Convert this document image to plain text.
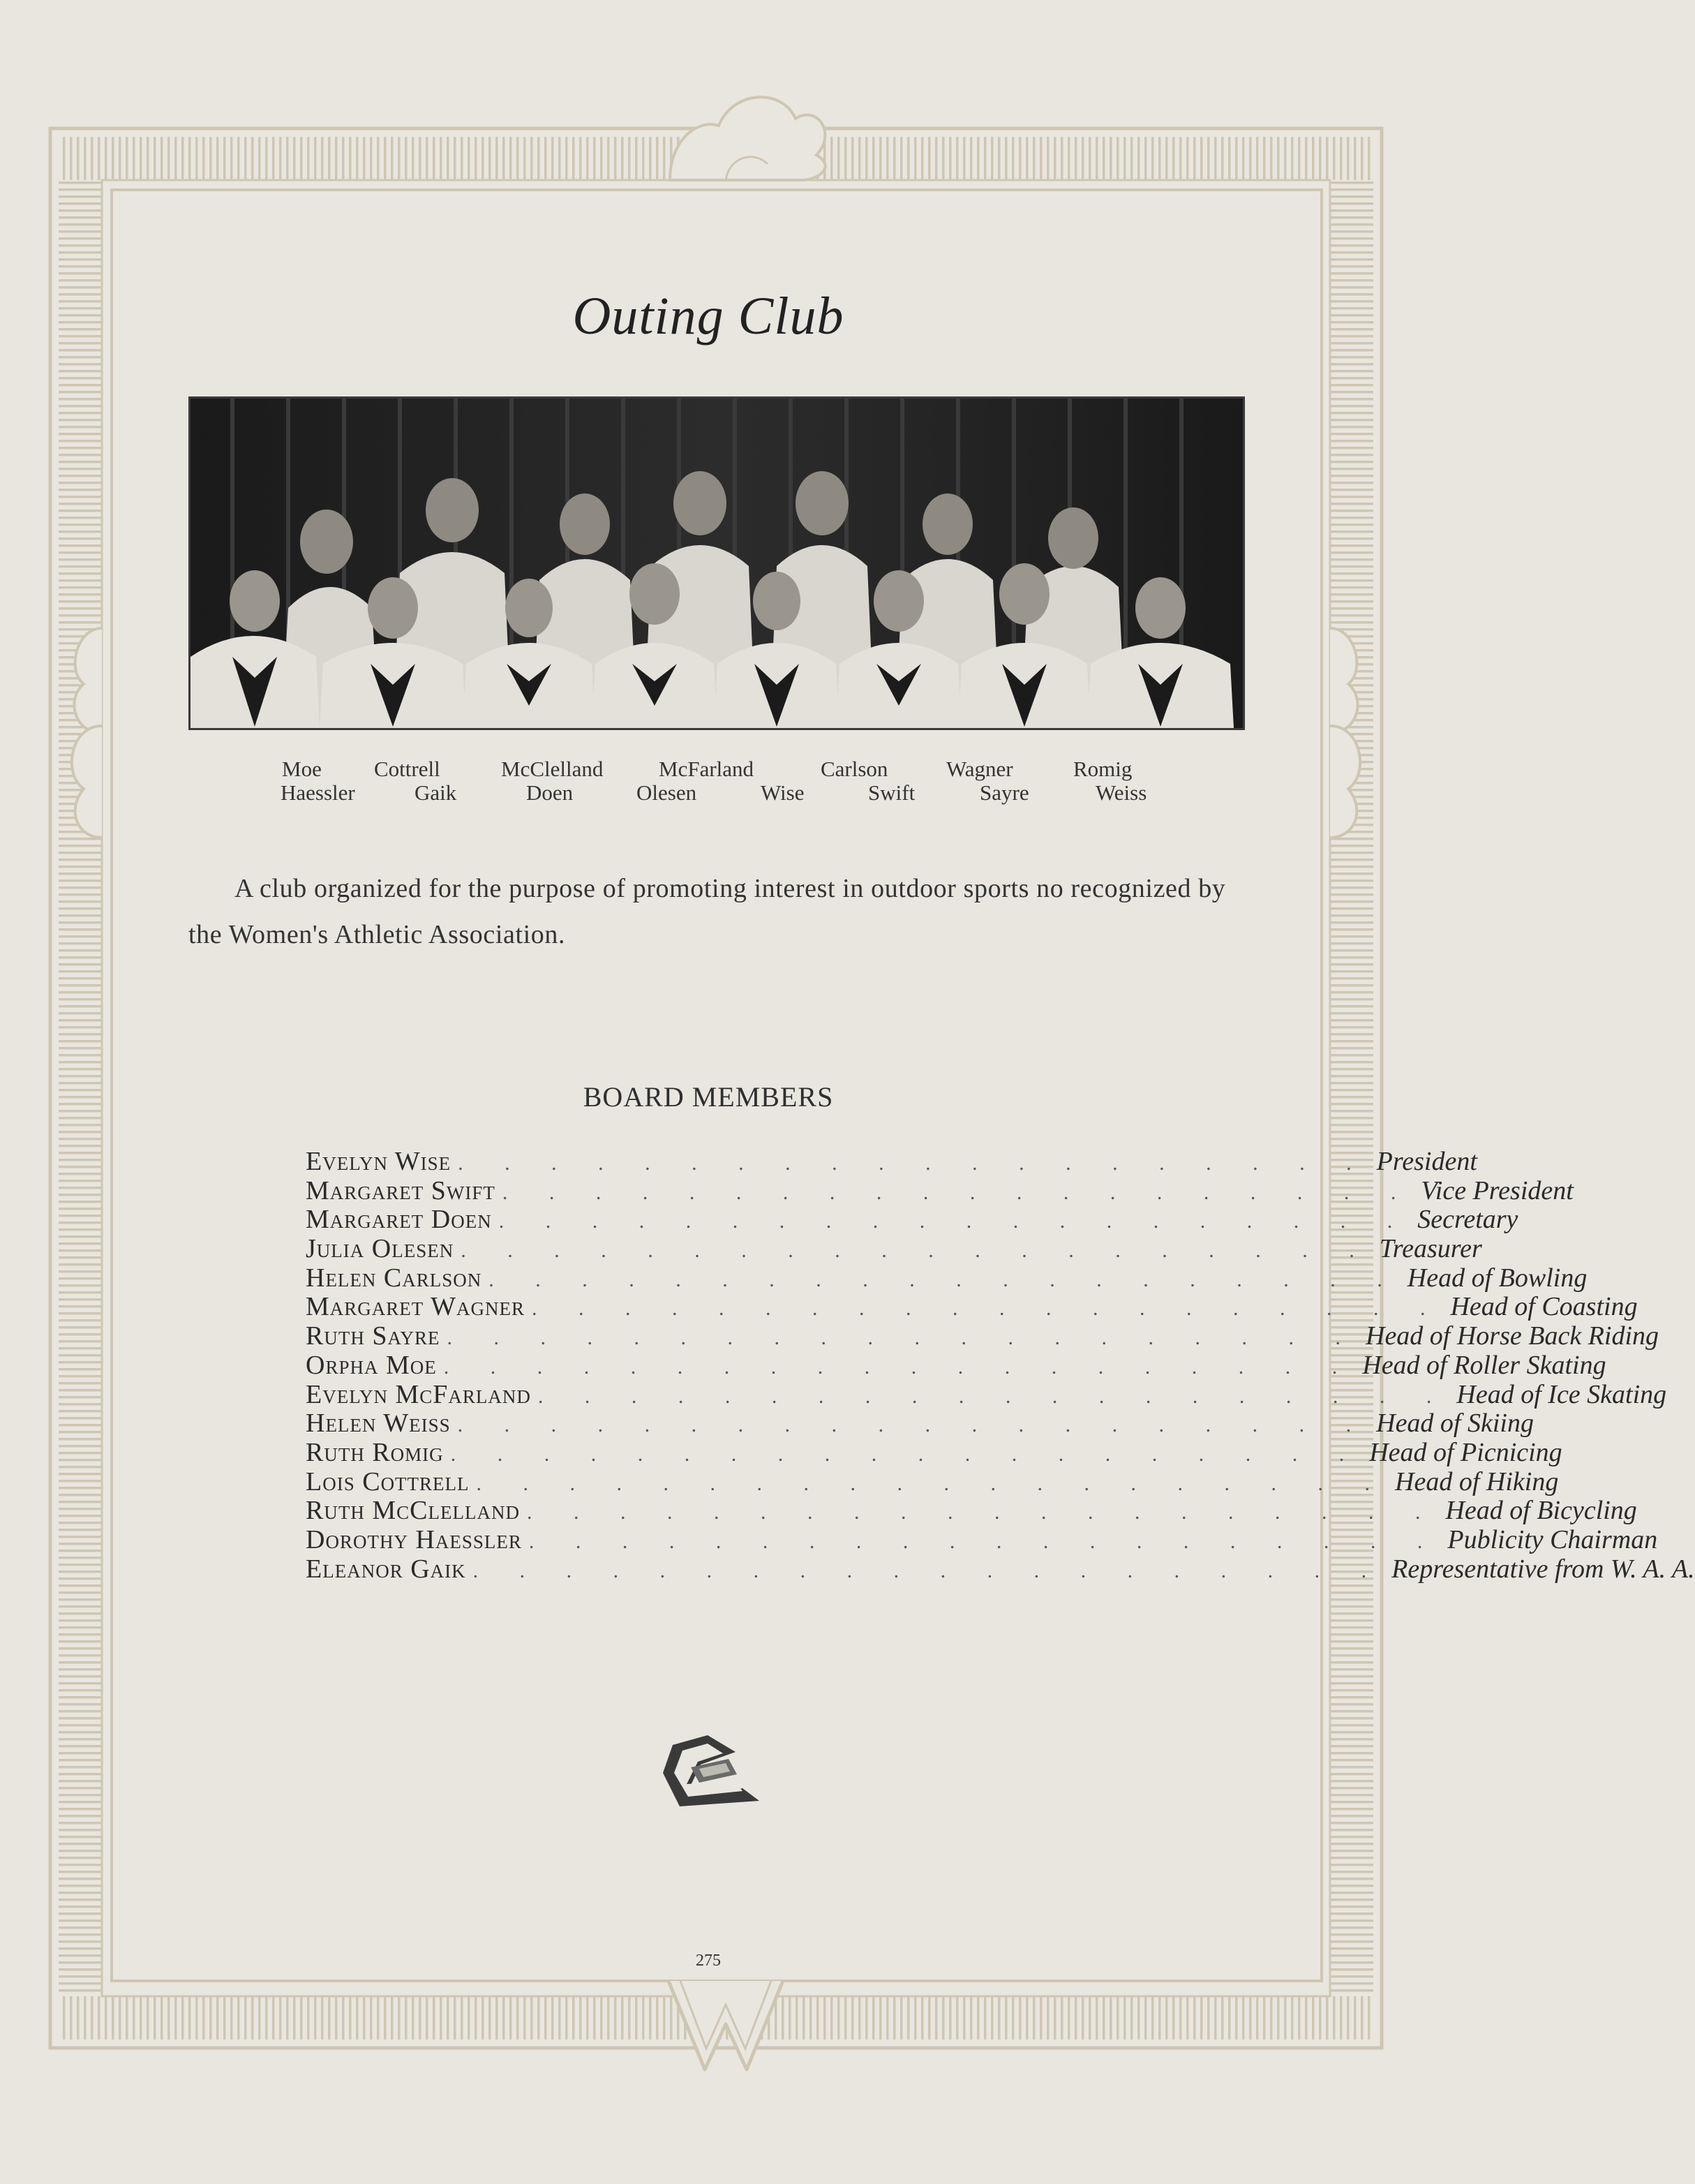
Outing Club
Moe Cottrell	McClelland	McFarland	Carlson	Wagner	Romig
Haessler	Gaik	Doen	Olesen	Wise	Swift	Sayre	Weiss
A club organized for the purpose of promoting interest in outdoor sports no recognized by the Women's Athletic Association.
BOARD MEMBERS
Evelyn Wise . . . . . . . . . . . . . . . . . . . . President
Margaret Swift . . . . . . . . . . . . . . . . . . . . Vice President
Margaret Doen . . . . . . . . . . . . . . . . . . . . Secretary
Julia Olesen . . . . . . . . . . . . . . . . . . . . Treasurer
Helen Carlson . . . . . . . . . . . . . . . . . . . . Head of Bowling
Margaret Wagner . . . . . . . . . . . . . . . . . . . . Head of Coasting
Ruth Sayre . . . . . . . . . . . . . . . . . . . . Head of Horse Back Riding
Orpha Moe . . . . . . . . . . . . . . . . . . . . Head of Roller Skating
Evelyn McFarland . . . . . . . . . . . . . . . . . . . . Head of Ice Skating
Helen Weiss . . . . . . . . . . . . . . . . . . . . Head of Skiing
Ruth Romig . . . . . . . . . . . . . . . . . . . . Head of Picnicing
Lois Cottrell . . . . . . . . . . . . . . . . . . . . Head of Hiking
Ruth McClelland . . . . . . . . . . . . . . . . . . . . Head of Bicycling
Dorothy Haessler . . . . . . . . . . . . . . . . . . . . Publicity Chairman
Eleanor Gaik . . . . . . . . . . . . . . . . . . . . Representative from W. A. A.
275
